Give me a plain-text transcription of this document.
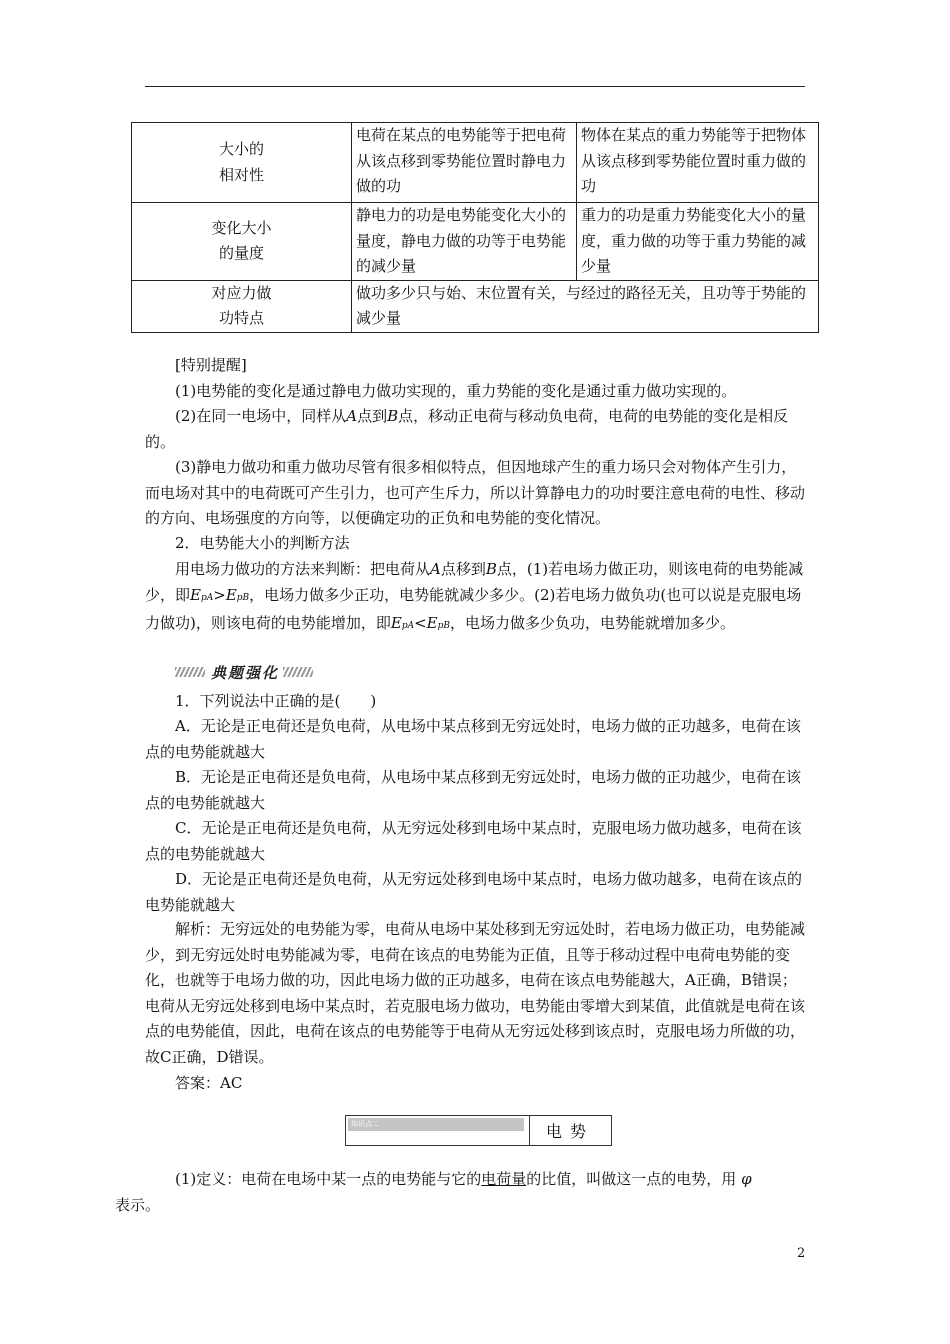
大小的
相对性	电荷在某点的电势能等于把电荷从该点移到零势能位置时静电力做的功	物体在某点的重力势能等于把物体从该点移到零势能位置时重力做的功
变化大小
的量度	静电力的功是电势能变化大小的量度，静电力做的功等于电势能的减少量	重力的功是重力势能变化大小的量度，重力做的功等于重力势能的减少量
对应力做
功特点	做功多少只与始、末位置有关，与经过的路径无关，且功等于势能的减少量	

[特别提醒]

(1)电势能的变化是通过静电力做功实现的，重力势能的变化是通过重力做功实现的。

(2)在同一电场中，同样从A点到B点，移动正电荷与移动负电荷，电荷的电势能的变化是相反的。

(3)静电力做功和重力做功尽管有很多相似特点，但因地球产生的重力场只会对物体产生引力，而电场对其中的电荷既可产生引力，也可产生斥力，所以计算静电力的功时要注意电荷的电性、移动的方向、电场强度的方向等，以便确定功的正负和电势能的变化情况。

2．电势能大小的判断方法

用电场力做功的方法来判断：把电荷从A点移到B点，(1)若电场力做正功，则该电荷的电势能减少，即EpA>EpB，电场力做多少正功，电势能就减少多少。(2)若电场力做负功(也可以说是克服电场力做功)，则该电荷的电势能增加，即EpA<EpB，电场力做多少负功，电势能就增加多少。

典题强化

1．下列说法中正确的是(　　)

A．无论是正电荷还是负电荷，从电场中某点移到无穷远处时，电场力做的正功越多，电荷在该点的电势能就越大

B．无论是正电荷还是负电荷，从电场中某点移到无穷远处时，电场力做的正功越少，电荷在该点的电势能就越大

C．无论是正电荷还是负电荷，从无穷远处移到电场中某点时，克服电场力做功越多，电荷在该点的电势能就越大

D．无论是正电荷还是负电荷，从无穷远处移到电场中某点时，电场力做功越多，电荷在该点的电势能就越大

解析：无穷远处的电势能为零，电荷从电场中某处移到无穷远处时，若电场力做正功，电势能减少，到无穷远处时电势能减为零，电荷在该点的电势能为正值，且等于移动过程中电荷电势能的变化，也就等于电场力做的功，因此电场力做的正功越多，电荷在该点电势能越大，A正确，B错误；电荷从无穷远处移到电场中某点时，若克服电场力做功，电势能由零增大到某值，此值就是电荷在该点的电势能值，因此，电荷在该点的电势能等于电荷从无穷远处移到该点时，克服电场力所做的功，故C正确，D错误。

答案：AC

知识点二	电势

(1)定义：电荷在电场中某一点的电势能与它的电荷量的比值，叫做这一点的电势，用 φ
表示。

2
